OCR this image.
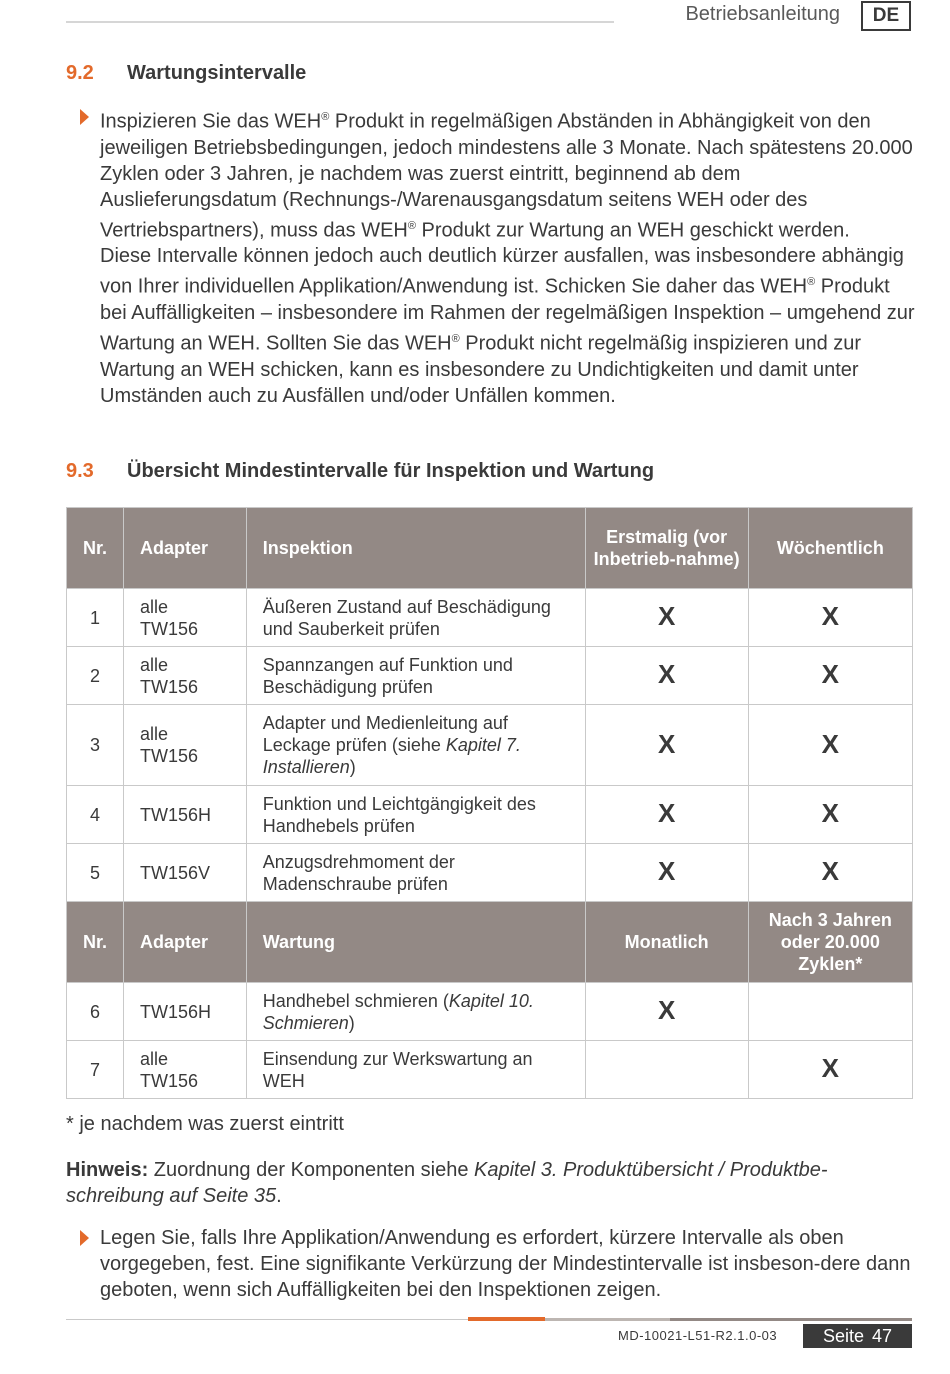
Betriebsanleitung	DE
9.2 Wartungsintervalle

Inspizieren Sie das WEH® Produkt in regelmäßigen Abständen in Abhängigkeit von den jeweiligen Betriebsbedingungen, jedoch mindestens alle 3 Monate. Nach spätestens 20.000 Zyklen oder 3 Jahren, je nachdem was zuerst eintritt, beginnend ab dem Auslieferungsdatum (Rechnungs-/Warenausgangsdatum seitens WEH oder des Vertriebspartners), muss das WEH® Produkt zur Wartung an WEH geschickt werden.

Diese Intervalle können jedoch auch deutlich kürzer ausfallen, was insbesondere abhängig von Ihrer individuellen Applikation/Anwendung ist. Schicken Sie daher das WEH® Produkt bei Auffälligkeiten – insbesondere im Rahmen der regelmäßigen Inspektion – umgehend zur Wartung an WEH. Sollten Sie das WEH® Produkt nicht regelmäßig inspizieren und zur Wartung an WEH schicken, kann es insbesondere zu Undichtigkeiten und damit unter Umständen auch zu Ausfällen und/oder Unfällen kommen.

9.3 Übersicht Mindestintervalle für Inspektion und Wartung
Nr.	Adapter	Inspektion	Erstmalig (vor Inbetrieb-nahme)	Wöchentlich
1	alle TW156	Äußeren Zustand auf Beschädigung und Sauberkeit prüfen	X	X
2	alle TW156	Spannzangen auf Funktion und Beschädigung prüfen	X	X
3	alle TW156	Adapter und Medienleitung auf Leckage prüfen (siehe Kapitel 7. Installieren)	X	X
4	TW156H	Funktion und Leichtgängigkeit des Handhebels prüfen	X	X
5	TW156V	Anzugsdrehmoment der Madenschraube prüfen	X	X
Nr.	Adapter	Wartung	Monatlich	Nach 3 Jahren oder 20.000 Zyklen*
6	TW156H	Handhebel schmieren (Kapitel 10. Schmieren)	X	
7	alle TW156	Einsendung zur Werkswartung an WEH		X
* je nachdem was zuerst eintritt
Hinweis: Zuordnung der Komponenten siehe Kapitel 3. Produktübersicht / Produktbe-schreibung auf Seite 35.

Legen Sie, falls Ihre Applikation/Anwendung es erfordert, kürzere Intervalle als oben vorgegeben, fest. Eine signifikante Verkürzung der Mindestintervalle ist insbeson-dere dann geboten, wenn sich Auffälligkeiten bei den Inspektionen zeigen.

MD-10021-L51-R2.1.0-03	Seite 47
